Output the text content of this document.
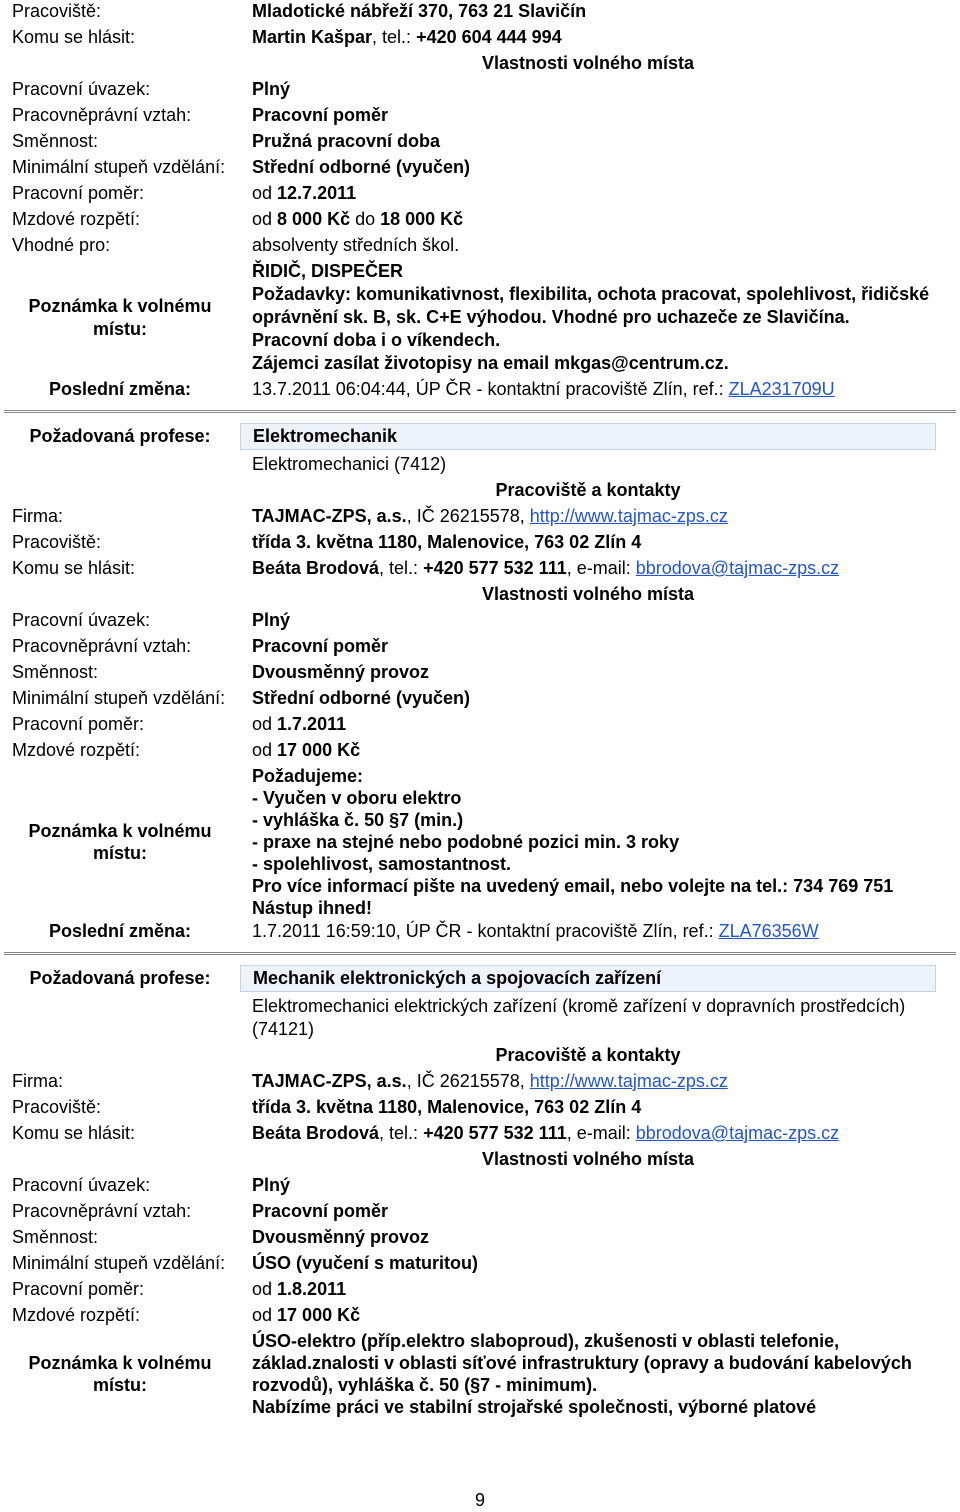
Pracoviště:	Mladotické nábřeží 370, 763 21 Slavičín
Komu se hlásit:	Martin Kašpar, tel.: +420 604 444 994
Vlastnosti volného místa
Pracovní úvazek:	Plný
Pracovněprávní vztah:	Pracovní poměr
Směnnost:	Pružná pracovní doba
Minimální stupeň vzdělání:	Střední odborné (vyučen)
Pracovní poměr:	od 12.7.2011
Mzdové rozpětí:	od 8 000 Kč do 18 000 Kč
Vhodné pro:	absolventy středních škol.
Poznámka k volnému místu:
ŘIDIČ, DISPEČER
Požadavky: komunikativnost, flexibilita, ochota pracovat, spolehlivost, řidičské oprávnění sk. B, sk. C+E výhodou. Vhodné pro uchazeče ze Slavičína.
Pracovní doba i o víkendech.
Zájemci zasílat životopisy na email mkgas@centrum.cz.
Poslední změna:	13.7.2011 06:04:44, ÚP ČR - kontaktní pracoviště Zlín, ref.: ZLA231709U
Požadovaná profese:	Elektromechanik
Elektromechanici (7412)
Pracoviště a kontakty
Firma:	TAJMAC-ZPS, a.s., IČ 26215578, http://www.tajmac-zps.cz
Pracoviště:	třída 3. května 1180, Malenovice, 763 02 Zlín 4
Komu se hlásit:	Beáta Brodová, tel.: +420 577 532 111, e-mail: bbrodova@tajmac-zps.cz
Vlastnosti volného místa
Pracovní úvazek:	Plný
Pracovněprávní vztah:	Pracovní poměr
Směnnost:	Dvousměnný provoz
Minimální stupeň vzdělání:	Střední odborné (vyučen)
Pracovní poměr:	od 1.7.2011
Mzdové rozpětí:	od 17 000 Kč
Poznámka k volnému místu:
Požadujeme:
- Vyučen v oboru elektro
- vyhláška č. 50 §7 (min.)
- praxe na stejné nebo podobné pozici min. 3 roky
- spolehlivost, samostantnost.
Pro více informací pište na uvedený email, nebo volejte na tel.: 734 769 751
Nástup ihned!
Poslední změna:	1.7.2011 16:59:10, ÚP ČR - kontaktní pracoviště Zlín, ref.: ZLA76356W
Požadovaná profese:	Mechanik elektronických a spojovacích zařízení
Elektromechanici elektrických zařízení (kromě zařízení v dopravních prostředcích) (74121)
Pracoviště a kontakty
Firma:	TAJMAC-ZPS, a.s., IČ 26215578, http://www.tajmac-zps.cz
Pracoviště:	třída 3. května 1180, Malenovice, 763 02 Zlín 4
Komu se hlásit:	Beáta Brodová, tel.: +420 577 532 111, e-mail: bbrodova@tajmac-zps.cz
Vlastnosti volného místa
Pracovní úvazek:	Plný
Pracovněprávní vztah:	Pracovní poměr
Směnnost:	Dvousměnný provoz
Minimální stupeň vzdělání:	ÚSO (vyučení s maturitou)
Pracovní poměr:	od 1.8.2011
Mzdové rozpětí:	od 17 000 Kč
Poznámka k volnému místu:
ÚSO-elektro (příp.elektro slaboproud), zkušenosti v oblasti telefonie, základ.znalosti v oblasti síťové infrastruktury (opravy a budování kabelových rozvodů), vyhláška č. 50 (§7 - minimum).
Nabízíme práci ve stabilní strojařské společnosti, výborné platové
9
